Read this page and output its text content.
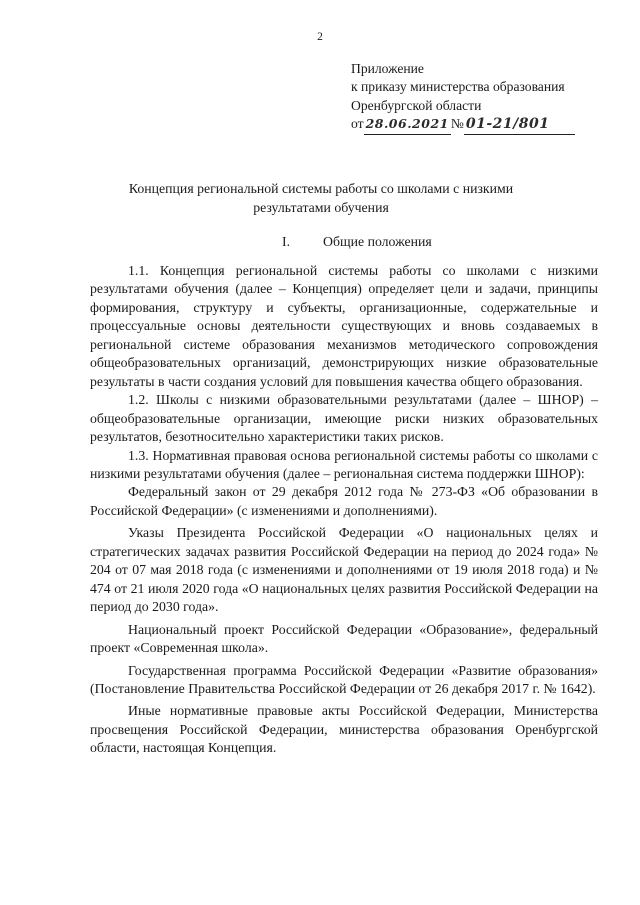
2
Приложение
к приказу министерства образования
Оренбургской области
от 28.06.2021 № 01-21/801
Концепция региональной системы работы со школами с низкими результатами обучения
I. Общие положения

1.1. Концепция региональной системы работы со школами с низкими результатами обучения (далее – Концепция) определяет цели и задачи, принципы формирования, структуру и субъекты, организационные, содержательные и процессуальные основы деятельности существующих и вновь создаваемых в региональной системе образования механизмов методического сопровождения общеобразовательных организаций, демонстрирующих низкие образовательные результаты в части создания условий для повышения качества общего образования.

1.2. Школы с низкими образовательными результатами (далее – ШНОР) – общеобразовательные организации, имеющие риски низких образовательных результатов, безотносительно характеристики таких рисков.

1.3. Нормативная правовая основа региональной системы работы со школами с низкими результатами обучения (далее – региональная система поддержки ШНОР):

Федеральный закон от 29 декабря 2012 года № 273-ФЗ «Об образовании в Российской Федерации» (с изменениями и дополнениями).

Указы Президента Российской Федерации «О национальных целях и стратегических задачах развития Российской Федерации на период до 2024 года» № 204 от 07 мая 2018 года (с изменениями и дополнениями от 19 июля 2018 года) и № 474 от 21 июля 2020 года «О национальных целях развития Российской Федерации на период до 2030 года».

Национальный проект Российской Федерации «Образование», федеральный проект «Современная школа».

Государственная программа Российской Федерации «Развитие образования» (Постановление Правительства Российской Федерации от 26 декабря 2017 г. № 1642).

Иные нормативные правовые акты Российской Федерации, Министерства просвещения Российской Федерации, министерства образования Оренбургской области, настоящая Концепция.
